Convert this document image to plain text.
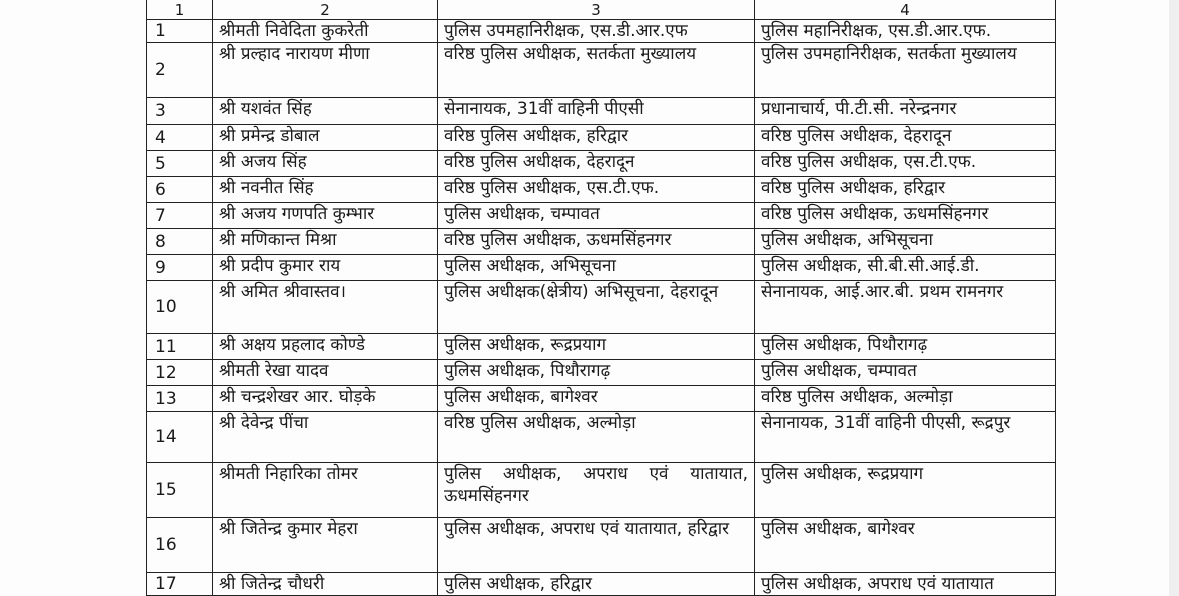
1	2	3	4
1	श्रीमती निवेदिता कुकरेती	पुलिस उपमहानिरीक्षक, एस.डी.आर.एफ	पुलिस महानिरीक्षक, एस.डी.आर.एफ.
2	श्री प्रल्हाद नारायण मीणा	वरिष्ठ पुलिस अधीक्षक, सतर्कता मुख्यालय	पुलिस उपमहानिरीक्षक, सतर्कता मुख्यालय
3	श्री यशवंत सिंह	सेनानायक, 31वीं वाहिनी पीएसी	प्रधानाचार्य, पी.टी.सी. नरेन्द्रनगर
4	श्री प्रमेन्द्र डोबाल	वरिष्ठ पुलिस अधीक्षक, हरिद्वार	वरिष्ठ पुलिस अधीक्षक, देहरादून
5	श्री अजय सिंह	वरिष्ठ पुलिस अधीक्षक, देहरादून	वरिष्ठ पुलिस अधीक्षक, एस.टी.एफ.
6	श्री नवनीत सिंह	वरिष्ठ पुलिस अधीक्षक, एस.टी.एफ.	वरिष्ठ पुलिस अधीक्षक, हरिद्वार
7	श्री अजय गणपति कुम्भार	पुलिस अधीक्षक, चम्पावत	वरिष्ठ पुलिस अधीक्षक, ऊधमसिंहनगर
8	श्री मणिकान्त मिश्रा	वरिष्ठ पुलिस अधीक्षक, ऊधमसिंहनगर	पुलिस अधीक्षक, अभिसूचना
9	श्री प्रदीप कुमार राय	पुलिस अधीक्षक, अभिसूचना	पुलिस अधीक्षक, सी.बी.सी.आई.डी.
10	श्री अमित श्रीवास्तव।	पुलिस अधीक्षक(क्षेत्रीय) अभिसूचना, देहरादून	सेनानायक, आई.आर.बी. प्रथम रामनगर
11	श्री अक्षय प्रहलाद कोण्डे	पुलिस अधीक्षक, रूद्रप्रयाग	पुलिस अधीक्षक, पिथौरागढ़
12	श्रीमती रेखा यादव	पुलिस अधीक्षक, पिथौरागढ़	पुलिस अधीक्षक, चम्पावत
13	श्री चन्द्रशेखर आर. घोड़के	पुलिस अधीक्षक, बागेश्वर	वरिष्ठ पुलिस अधीक्षक, अल्मोड़ा
14	श्री देवेन्द्र पींचा	वरिष्ठ पुलिस अधीक्षक, अल्मोड़ा	सेनानायक, 31वीं वाहिनी पीएसी, रूद्रपुर
15	श्रीमती निहारिका तोमर	पुलिस अधीक्षक, अपराध एवं यातायात, ऊधमसिंहनगर	पुलिस अधीक्षक, रूद्रप्रयाग
16	श्री जितेन्द्र कुमार मेहरा	पुलिस अधीक्षक, अपराध एवं यातायात, हरिद्वार	पुलिस अधीक्षक, बागेश्वर
17	श्री जितेन्द्र चौधरी	पुलिस अधीक्षक, हरिद्वार	पुलिस अधीक्षक, अपराध एवं यातायात
